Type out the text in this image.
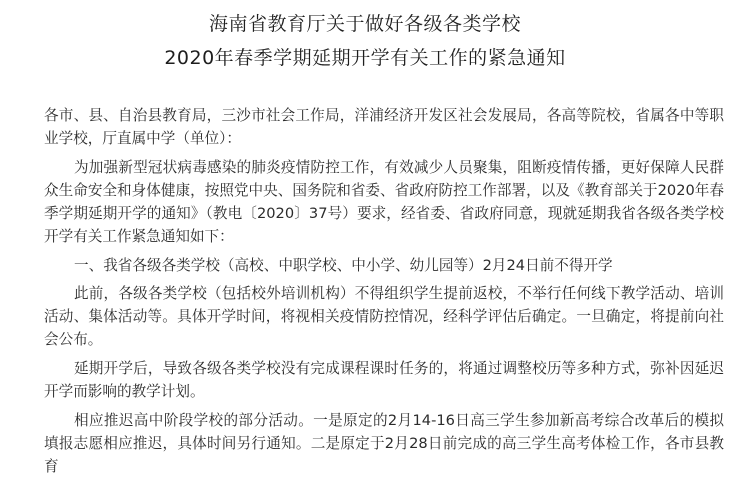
海南省教育厅关于做好各级各类学校
2020年春季学期延期开学有关工作的紧急通知

各市、县、自治县教育局，三沙市社会工作局，洋浦经济开发区社会发展局，各高等院校，省属各中等职业学校，厅直属中学（单位）：

为加强新型冠状病毒感染的肺炎疫情防控工作，有效减少人员聚集，阻断疫情传播，更好保障人民群众生命安全和身体健康，按照党中央、国务院和省委、省政府防控工作部署，以及《教育部关于2020年春季学期延期开学的通知》（教电〔2020〕37号）要求，经省委、省政府同意，现就延期我省各级各类学校开学有关工作紧急通知如下：

一、我省各级各类学校（高校、中职学校、中小学、幼儿园等）2月24日前不得开学

此前，各级各类学校（包括校外培训机构）不得组织学生提前返校，不举行任何线下教学活动、培训活动、集体活动等。具体开学时间，将视相关疫情防控情况，经科学评估后确定。一旦确定，将提前向社会公布。

延期开学后，导致各级各类学校没有完成课程课时任务的，将通过调整校历等多种方式，弥补因延迟开学而影响的教学计划。

相应推迟高中阶段学校的部分活动。一是原定的2月14-16日高三学生参加新高考综合改革后的模拟填报志愿相应推迟，具体时间另行通知。二是原定于2月28日前完成的高三学生高考体检工作，各市县教育
